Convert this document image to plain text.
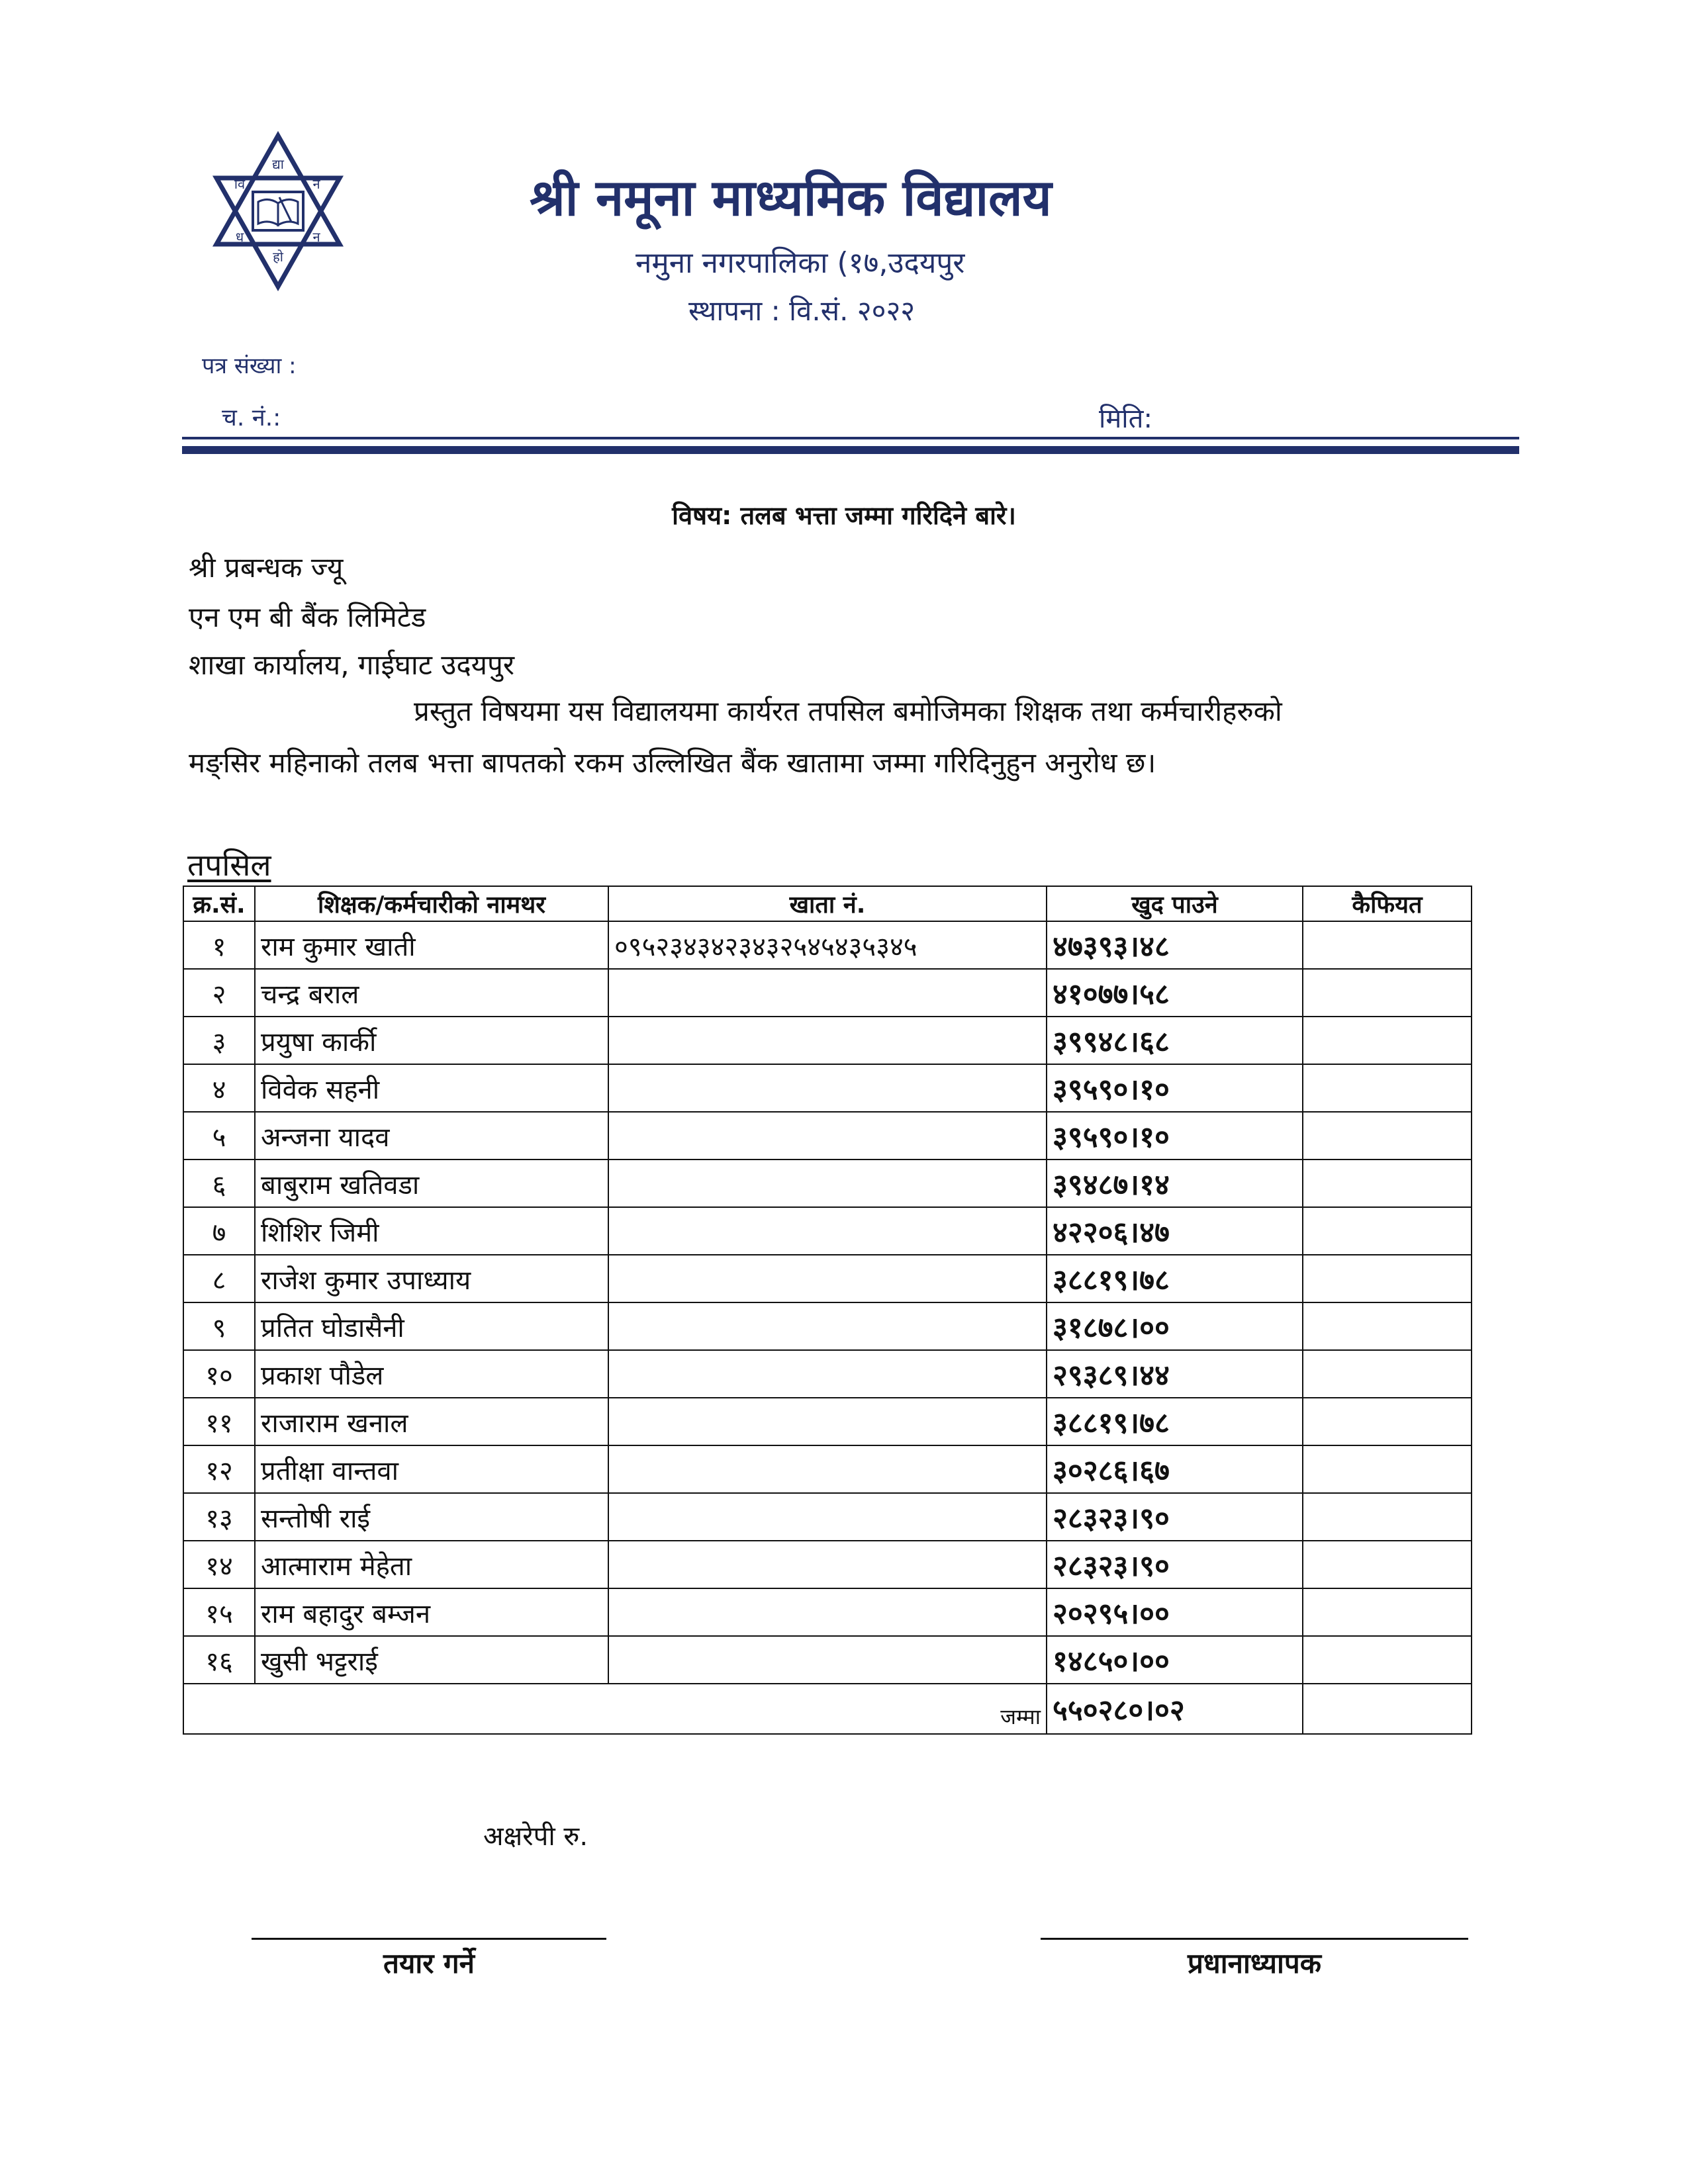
वि
द्या
नै
न
हो
ध
श्री नमूना माध्यमिक विद्यालय
नमुना नगरपालिका (१७,उदयपुर
स्थापना : वि.सं. २०२२
पत्र संख्या :
च. नं.:	मिति:
विषय: तलब भत्ता जम्मा गरिदिने बारे।
श्री प्रबन्धक ज्यू
एन एम बी बैंक लिमिटेड
शाखा कार्यालय, गाईघाट उदयपुर
प्रस्तुत विषयमा यस विद्यालयमा कार्यरत तपसिल बमोजिमका शिक्षक तथा कर्मचारीहरुको
मङ्सिर महिनाको तलब भत्ता बापतको रकम उल्लिखित बैंक खातामा जम्मा गरिदिनुहुन अनुरोध छ।
तपसिल
क्र.सं.	शिक्षक/कर्मचारीको नामथर	खाता नं.	खुद पाउने	कैफियत
१	राम कुमार खाती	०९५२३४३४२३४३२५४५४३५३४५	४७३९३।४८	
२	चन्द्र बराल		४१०७७।५८	
३	प्रयुषा कार्की		३९९४८।६८	
४	विवेक सहनी		३९५९०।१०	
५	अन्जना यादव		३९५९०।१०	
६	बाबुराम खतिवडा		३९४८७।१४	
७	शिशिर जिमी		४२२०६।४७	
८	राजेश कुमार उपाध्याय		३८८१९।७८	
९	प्रतित घोडासैनी		३१८७८।००	
१०	प्रकाश पौडेल		२९३८९।४४	
११	राजाराम खनाल		३८८१९।७८	
१२	प्रतीक्षा वान्तवा		३०२८६।६७	
१३	सन्तोषी राई		२८३२३।९०	
१४	आत्माराम मेहेता		२८३२३।९०	
१५	राम बहादुर बम्जन		२०२९५।००	
१६	खुसी भट्टराई		१४८५०।००	
जम्मा			५५०२८०।०२	
अक्षरेपी रु.
तयार गर्ने	प्रधानाध्यापक
